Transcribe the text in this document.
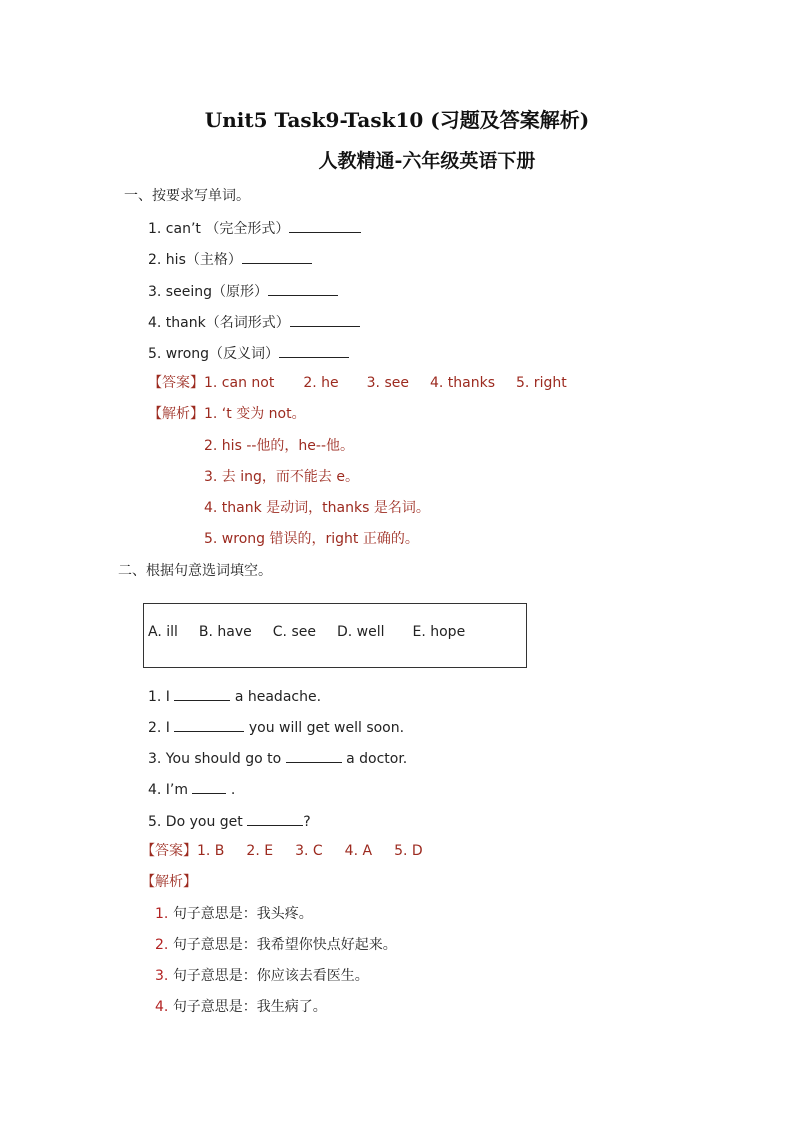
Unit5 Task9-Task10 (习题及答案解析)
人教精通-六年级英语下册
一、按要求写单词。
1. can’t （完全形式）
2. his（主格）
3. seeing（原形）
4. thank（名词形式）
5. wrong（反义词）
【答案】1. can not 2. he 3. see 4. thanks 5. right
【解析】1. ‘t 变为 not。
2. his --他的，he--他。
3. 去 ing，而不能去 e。
4. thank 是动词，thanks 是名词。
5. wrong 错误的，right 正确的。
二、根据句意选词填空。
A. ill B. have C. see D. well E. hope
1. I	a headache.
2. I	you will get well soon.
3. You should go to	a doctor.
4. I’m  .
5. Do you get	?
【答案】1. B 2. E 3. C 4. A 5. D
【解析】
1. 句子意思是：我头疼。
2. 句子意思是：我希望你快点好起来。
3. 句子意思是：你应该去看医生。
4. 句子意思是：我生病了。
